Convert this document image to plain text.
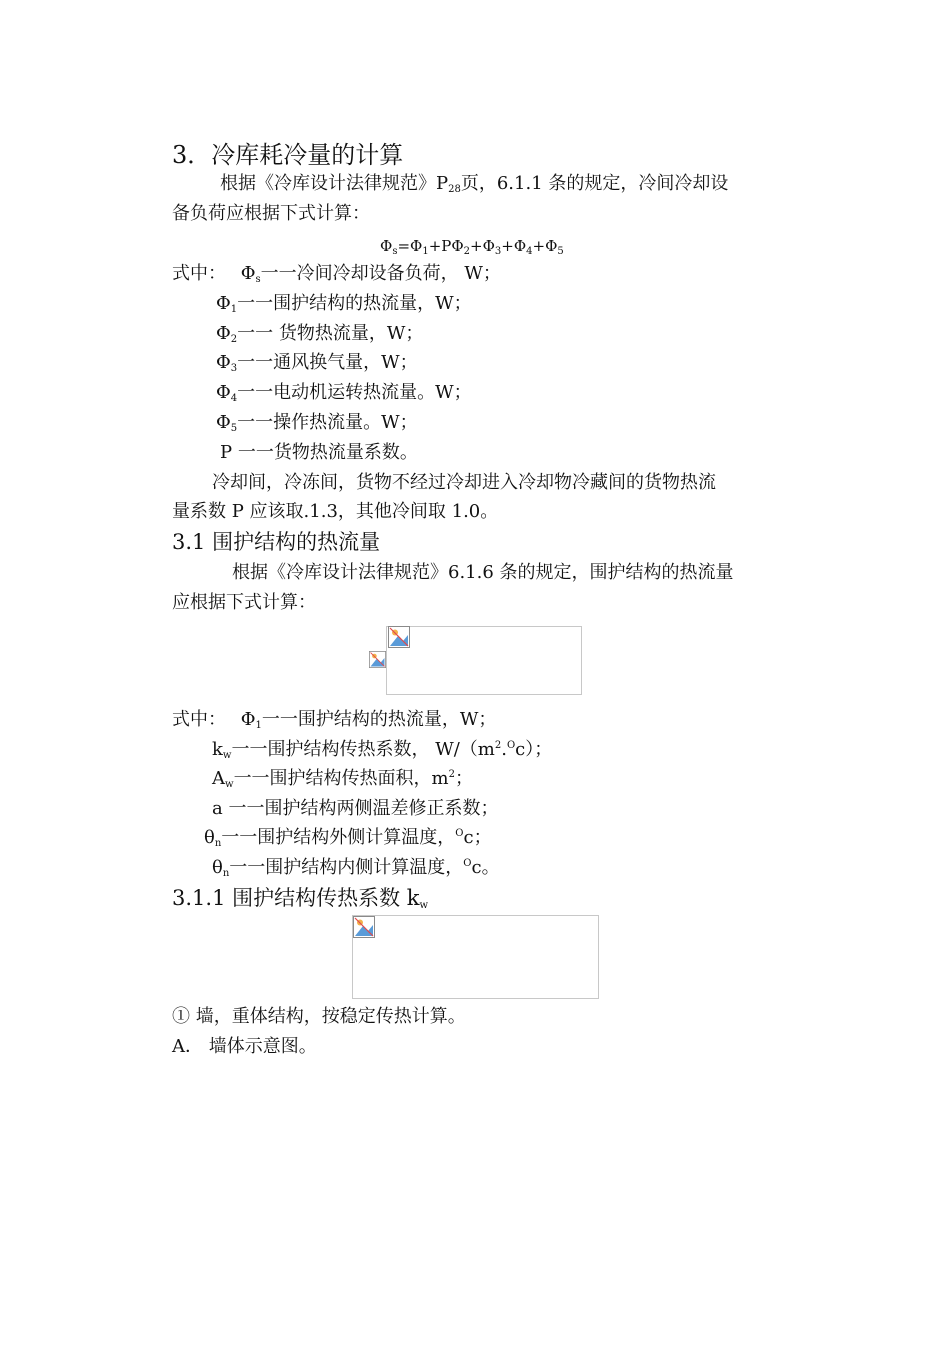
3．冷库耗冷量的计算
根据《冷库设计法律规范》$P_{28}$页，6.1.1 条的规定，冷间冷却设
备负荷应根据下式计算：
$\Phi_s=\Phi_1+P\Phi_2+\Phi_3+\Phi_4+\Phi_5$
式中：　 $\Phi_s$一一冷间冷却设备负荷， W；
$\Phi_1$一一围护结构的热流量，W；
$\Phi_2$一一 货物热流量，W；
$\Phi_3$一一通风换气量，W；
$\Phi_4$一一电动机运转热流量。W；
$\Phi_5$一一操作热流量。W；
P 一一货物热流量系数。
冷却间，冷冻间，货物不经过冷却进入冷却物冷藏间的货物热流
量系数 P 应该取.1.3，其他冷间取 1.0。
3.1 围护结构的热流量
根据《冷库设计法律规范》6.1.6 条的规定，围护结构的热流量
应根据下式计算：
式中：　 $\Phi_1$一一围护结构的热流量，W；
$k_w$一一围护结构传热系数， $W/(m^2.^Oc)$；
$A_w$一一围护结构传热面积，$m^2$；
a 一一围护结构两侧温差修正系数；
$\theta_n$一一围护结构外侧计算温度，$^O$c；
$\theta_n$一一围护结构内侧计算温度，$^O$c。
3.1.1 围护结构传热系数 $k_w$
① 墙，重体结构，按稳定传热计算。
A． 墙体示意图。
